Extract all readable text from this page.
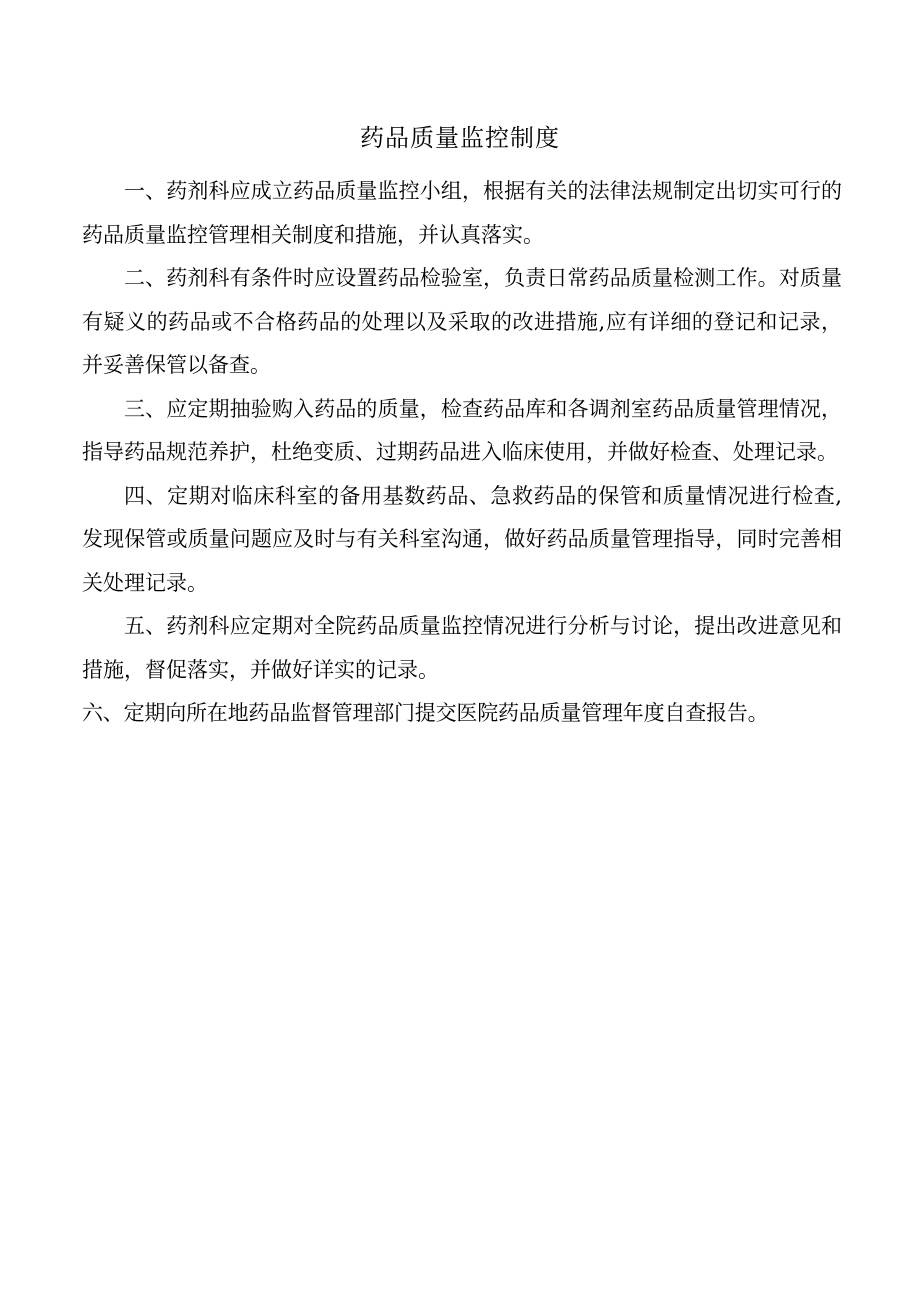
药品质量监控制度

一、药剂科应成立药品质量监控小组，根据有关的法律法规制定出切实可行的药品质量监控管理相关制度和措施，并认真落实。

二、药剂科有条件时应设置药品检验室，负责日常药品质量检测工作。对质量有疑义的药品或不合格药品的处理以及采取的改进措施,应有详细的登记和记录，并妥善保管以备查。

三、应定期抽验购入药品的质量，检查药品库和各调剂室药品质量管理情况，指导药品规范养护，杜绝变质、过期药品进入临床使用，并做好检查、处理记录。

四、定期对临床科室的备用基数药品、急救药品的保管和质量情况进行检查,发现保管或质量问题应及时与有关科室沟通，做好药品质量管理指导，同时完善相关处理记录。

五、药剂科应定期对全院药品质量监控情况进行分析与讨论，提出改进意见和措施，督促落实，并做好详实的记录。

六、定期向所在地药品监督管理部门提交医院药品质量管理年度自查报告。
